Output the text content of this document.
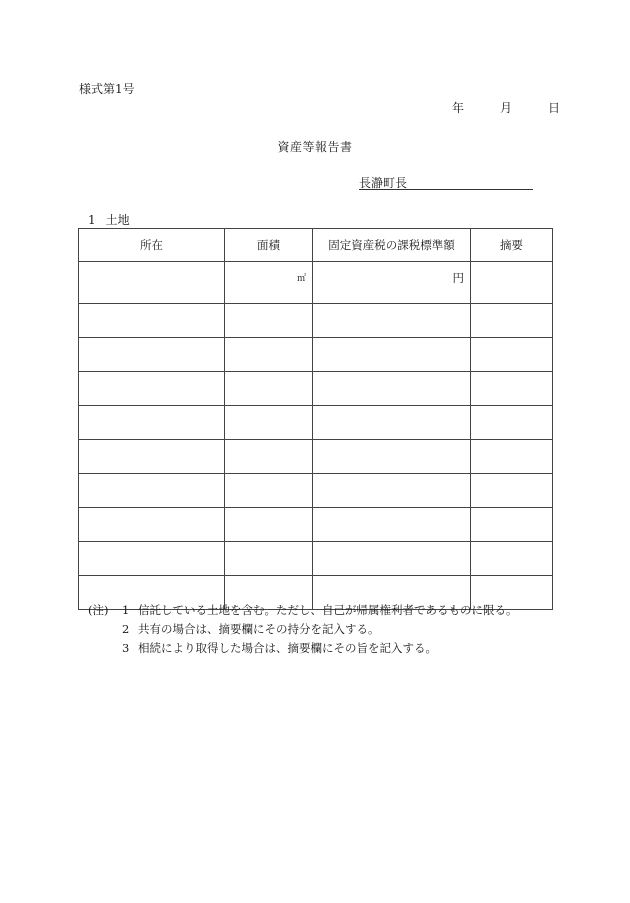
様式第1号
年	月	日
資産等報告書
長瀞町長
1 土地
所在	面積	固定資産税の課税標準額	摘要
	㎡	円	

(注)	1 信託している土地を含む。ただし、自己が帰属権利者であるものに限る。
2 共有の場合は、摘要欄にその持分を記入する。
3 相続により取得した場合は、摘要欄にその旨を記入する。
